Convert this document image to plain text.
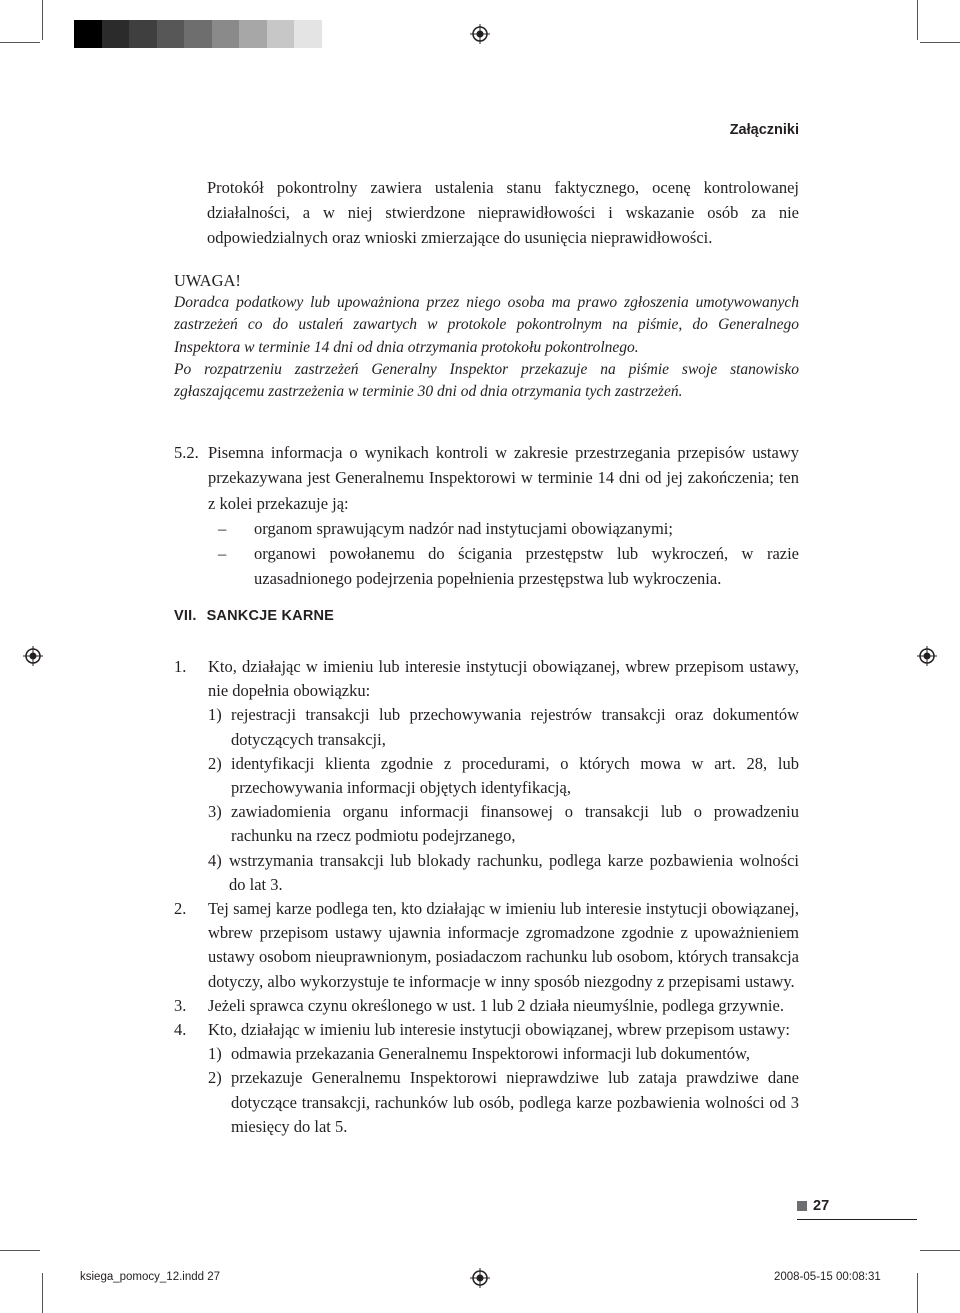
Załączniki

Protokół pokontrolny zawiera ustalenia stanu faktycznego, ocenę kontrolowanej działalności, a w niej stwierdzone nieprawidłowości i wskazanie osób za nie odpowiedzialnych oraz wnioski zmierzające do usunięcia nieprawidłowości.

UWAGA!

Doradca podatkowy lub upoważniona przez niego osoba ma prawo zgłoszenia umotywowanych zastrzeżeń co do ustaleń zawartych w protokole pokontrolnym na piśmie, do Generalnego Inspektora w terminie 14 dni od dnia otrzymania protokołu pokontrolnego.

Po rozpatrzeniu zastrzeżeń Generalny Inspektor przekazuje na piśmie swoje stanowisko zgłaszającemu zastrzeżenia w terminie 30 dni od dnia otrzymania tych zastrzeżeń.

5.2. Pisemna informacja o wynikach kontroli w zakresie przestrzegania przepisów ustawy przekazywana jest Generalnemu Inspektorowi w terminie 14 dni od jej zakończenia; ten z kolei przekazuje ją:

– organom sprawującym nadzór nad instytucjami obowiązanymi;
– organowi powołanemu do ścigania przestępstw lub wykroczeń, w razie uzasadnionego podejrzenia popełnienia przestępstwa lub wykroczenia.
VII. SANKCJE KARNE
1. Kto, działając w imieniu lub interesie instytucji obowiązanej, wbrew przepisom ustawy, nie dopełnia obowiązku:
1) rejestracji transakcji lub przechowywania rejestrów transakcji oraz dokumentów dotyczących transakcji,
2) identyfikacji klienta zgodnie z procedurami, o których mowa w art. 28, lub przechowywania informacji objętych identyfikacją,
3) zawiadomienia organu informacji finansowej o transakcji lub o prowadzeniu rachunku na rzecz podmiotu podejrzanego,
4) wstrzymania transakcji lub blokady rachunku, podlega karze pozbawienia wolności do lat 3.
2. Tej samej karze podlega ten, kto działając w imieniu lub interesie instytucji obowiązanej, wbrew przepisom ustawy ujawnia informacje zgromadzone zgodnie z upoważnieniem ustawy osobom nieuprawnionym, posiadaczom rachunku lub osobom, których transakcja dotyczy, albo wykorzystuje te informacje w inny sposób niezgodny z przepisami ustawy.
3. Jeżeli sprawca czynu określonego w ust. 1 lub 2 działa nieumyślnie, podlega grzywnie.
4. Kto, działając w imieniu lub interesie instytucji obowiązanej, wbrew przepisom ustawy:
1) odmawia przekazania Generalnemu Inspektorowi informacji lub dokumentów,
2) przekazuje Generalnemu Inspektorowi nieprawdziwe lub zataja prawdziwe dane dotyczące transakcji, rachunków lub osób, podlega karze pozbawienia wolności od 3 miesięcy do lat 5.
27
ksiega_pomocy_12.indd 27	2008-05-15 00:08:31
